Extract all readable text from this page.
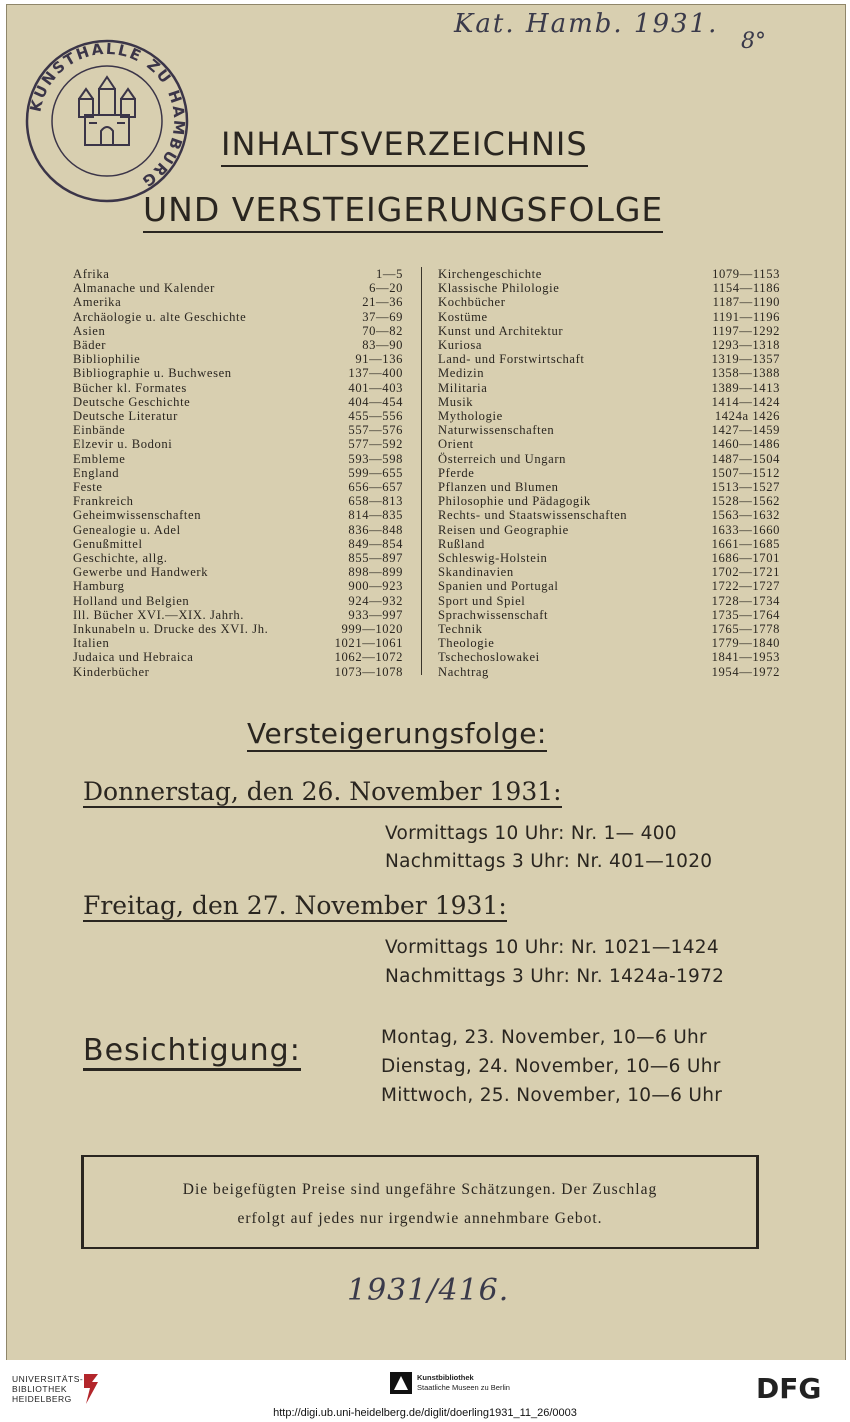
Kat. Hamb. 1931.
8°
KUNSTHALLE ZU HAMBURG
INHALTSVERZEICHNIS
UND VERSTEIGERUNGSFOLGE
Afrika	1—5
Almanache und Kalender	6—20
Amerika	21—36
Archäologie u. alte Geschichte	37—69
Asien	70—82
Bäder	83—90
Bibliophilie	91—136
Bibliographie u. Buchwesen	137—400
Bücher kl. Formates	401—403
Deutsche Geschichte	404—454
Deutsche Literatur	455—556
Einbände	557—576
Elzevir u. Bodoni	577—592
Embleme	593—598
England	599—655
Feste	656—657
Frankreich	658—813
Geheimwissenschaften	814—835
Genealogie u. Adel	836—848
Genußmittel	849—854
Geschichte, allg.	855—897
Gewerbe und Handwerk	898—899
Hamburg	900—923
Holland und Belgien	924—932
Ill. Bücher XVI.—XIX. Jahrh.	933—997
Inkunabeln u. Drucke des XVI. Jh.	999—1020
Italien	1021—1061
Judaica und Hebraica	1062—1072
Kinderbücher	1073—1078
Kirchengeschichte	1079—1153
Klassische Philologie	1154—1186
Kochbücher	1187—1190
Kostüme	1191—1196
Kunst und Architektur	1197—1292
Kuriosa	1293—1318
Land- und Forstwirtschaft	1319—1357
Medizin	1358—1388
Militaria	1389—1413
Musik	1414—1424
Mythologie	1424a 1426
Naturwissenschaften	1427—1459
Orient	1460—1486
Österreich und Ungarn	1487—1504
Pferde	1507—1512
Pflanzen und Blumen	1513—1527
Philosophie und Pädagogik	1528—1562
Rechts- und Staatswissenschaften	1563—1632
Reisen und Geographie	1633—1660
Rußland	1661—1685
Schleswig-Holstein	1686—1701
Skandinavien	1702—1721
Spanien und Portugal	1722—1727
Sport und Spiel	1728—1734
Sprachwissenschaft	1735—1764
Technik	1765—1778
Theologie	1779—1840
Tschechoslowakei	1841—1953
Nachtrag	1954—1972
Versteigerungsfolge:
Donnerstag, den 26. November 1931:
Vormittags 10 Uhr: Nr. 1— 400
Nachmittags 3 Uhr: Nr. 401—1020
Freitag, den 27. November 1931:
Vormittags 10 Uhr: Nr. 1021—1424
Nachmittags 3 Uhr: Nr. 1424a-1972
Besichtigung:	Montag, 23. November, 10—6 Uhr
Dienstag, 24. November, 10—6 Uhr
Mittwoch, 25. November, 10—6 Uhr
Die beigefügten Preise sind ungefähre Schätzungen. Der Zuschlag
erfolgt auf jedes nur irgendwie annehmbare Gebot.
1931/416.
UNIVERSITÄTS-
BIBLIOTHEK
HEIDELBERG
Kunstbibliothek
Staatliche Museen zu Berlin	DFG
http://digi.ub.uni-heidelberg.de/diglit/doerling1931_11_26/0003
